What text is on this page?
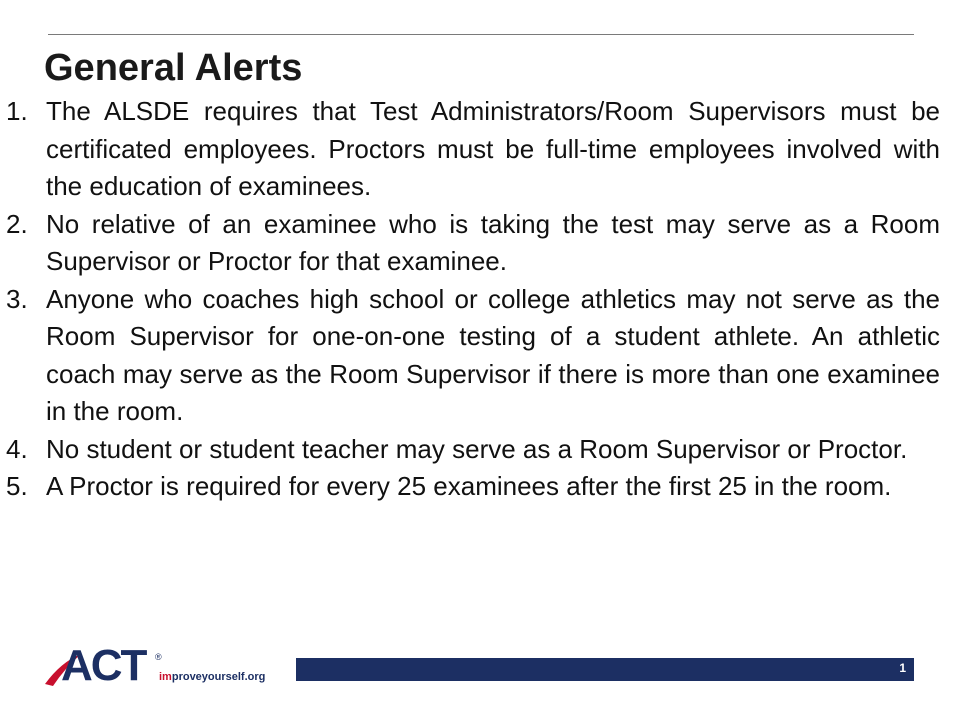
General Alerts
1. The ALSDE requires that Test Administrators/Room Supervisors must be certificated employees. Proctors must be full-time employees involved with the education of examinees.
2. No relative of an examinee who is taking the test may serve as a Room Supervisor or Proctor for that examinee.
3. Anyone who coaches high school or college athletics may not serve as the Room Supervisor for one-on-one testing of a student athlete. An athletic coach may serve as the Room Supervisor if there is more than one examinee in the room.
4. No student or student teacher may serve as a Room Supervisor or Proctor.
5. A Proctor is required for every 25 examinees after the first 25 in the room.
ACT ®
improveyourself.org
1
